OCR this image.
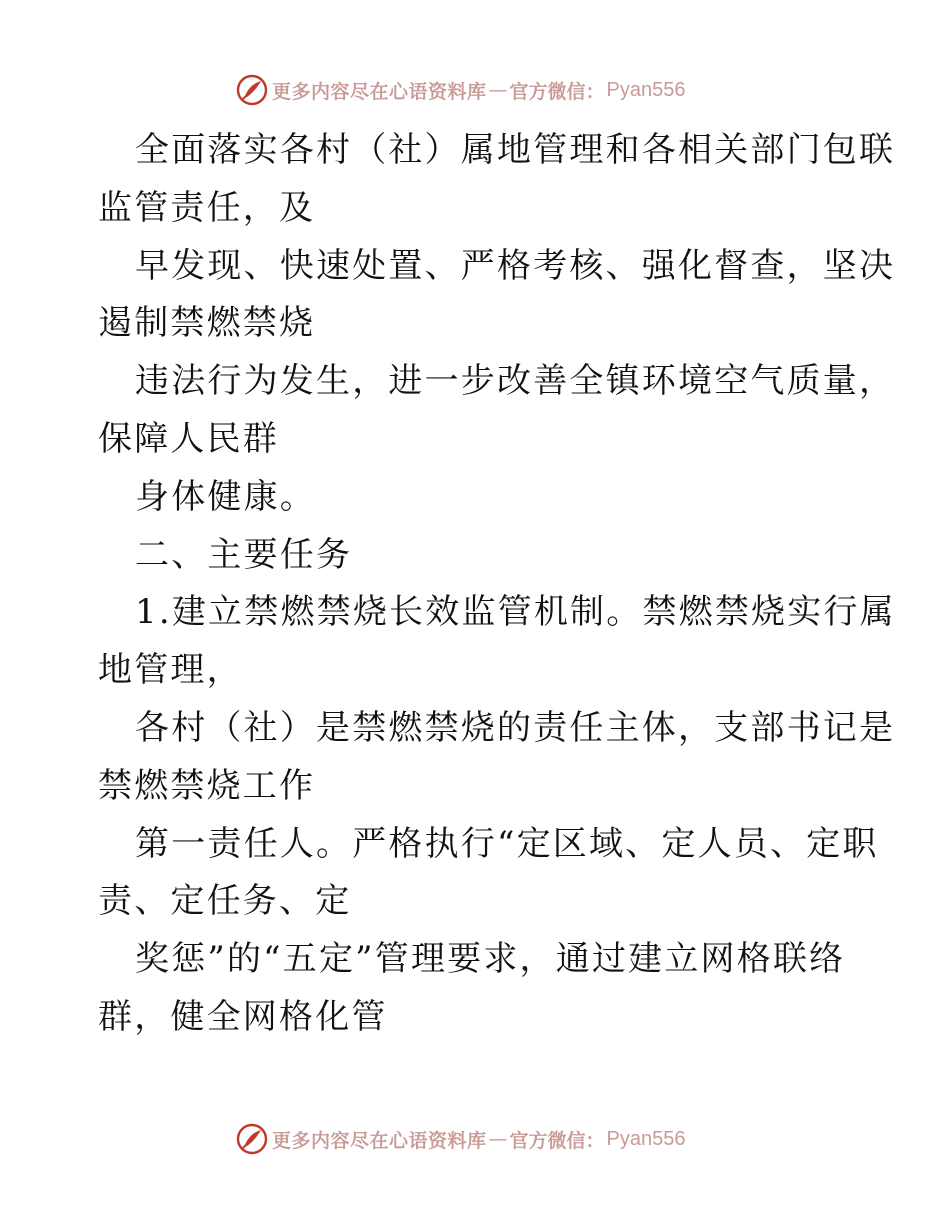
更多内容尽在心语资料库 — 官方微信： Pyan556
全面落实各村（社）属地管理和各相关部门包联
监管责任，及
早发现、快速处置、严格考核、强化督查，坚决
遏制禁燃禁烧
违法行为发生，进一步改善全镇环境空气质量，
保障人民群
身体健康。
二、主要任务
1.建立禁燃禁烧长效监管机制。禁燃禁烧实行属
地管理，
各村（社）是禁燃禁烧的责任主体，支部书记是
禁燃禁烧工作
第一责任人。严格执行“定区域、定人员、定职
责、定任务、定
奖惩”的“五定”管理要求，通过建立网格联络
群，健全网格化管
更多内容尽在心语资料库 — 官方微信： Pyan556
